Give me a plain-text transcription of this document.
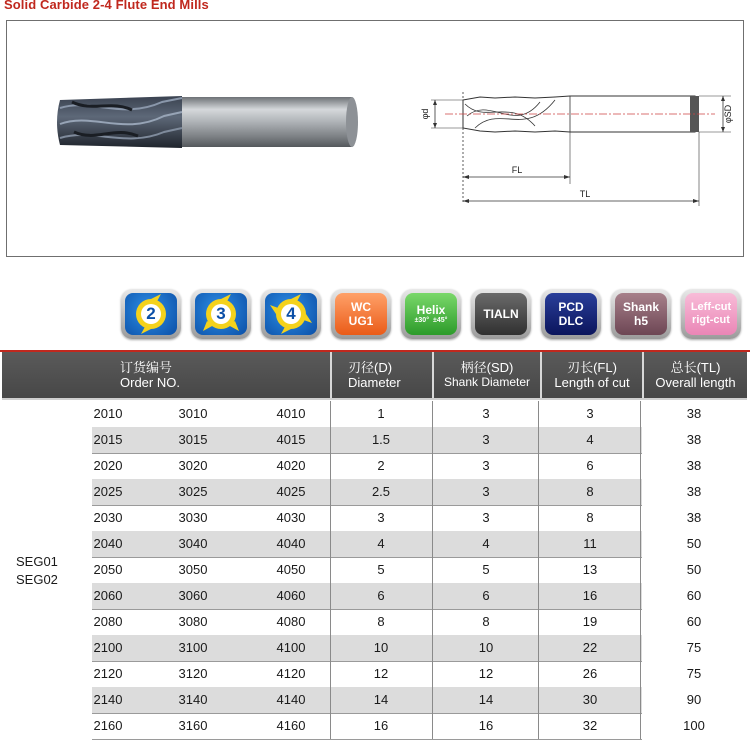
Solid Carbide 2-4 Flute End Mills
φd	φSD
FL
TL
2	3	4	WC
UG1
Helix
±30° ±45°	TIALN	PCD
DLC
Shank
h5
Leff-cut
rigt-cut
订货编号
Order NO.
刃径(D)
Diameter
柄径(SD)
Shank Diameter
刃长(FL)
Length of cut
总长(TL)
Overall length
SEG01
SEG02
2010	3010	4010	1	3	3	38
2015	3015	4015	1.5	3	4	38
2020	3020	4020	2	3	6	38
2025	3025	4025	2.5	3	8	38
2030	3030	4030	3	3	8	38
2040	3040	4040	4	4	11	50
2050	3050	4050	5	5	13	50
2060	3060	4060	6	6	16	60
2080	3080	4080	8	8	19	60
2100	3100	4100	10	10	22	75
2120	3120	4120	12	12	26	75
2140	3140	4140	14	14	30	90
2160	3160	4160	16	16	32	100
